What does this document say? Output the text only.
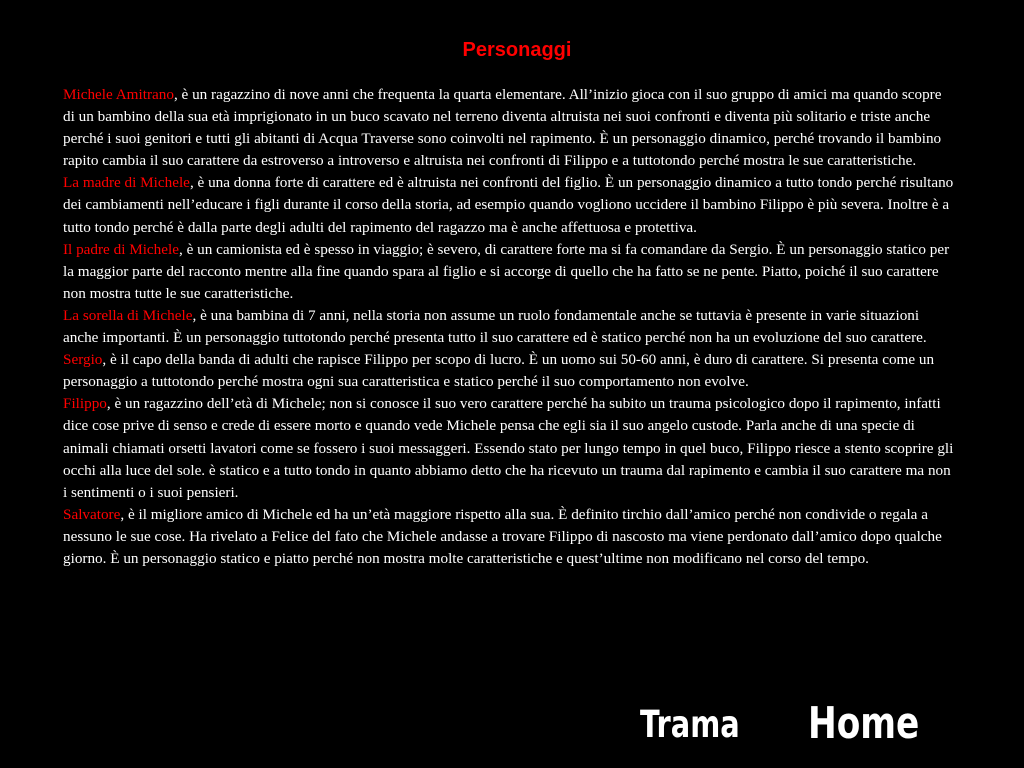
Personaggi

Michele Amitrano, è un ragazzino di nove anni che frequenta la quarta elementare. All’inizio gioca con il suo gruppo di amici ma quando scopre di un bambino della sua età imprigionato in un buco scavato nel terreno diventa altruista nei suoi confronti e diventa più solitario e triste anche perché i suoi genitori e tutti gli abitanti di Acqua Traverse sono coinvolti nel rapimento. È un personaggio dinamico, perché trovando il bambino rapito cambia il suo carattere da estroverso a introverso e altruista nei confronti di Filippo e a tuttotondo perché mostra le sue caratteristiche.

La madre di Michele, è una donna forte di carattere ed è altruista nei confronti del figlio. È un personaggio dinamico a tutto tondo perché risultano dei cambiamenti nell’educare i figli durante il corso della storia, ad esempio quando vogliono uccidere il bambino Filippo è più severa. Inoltre è a tutto tondo perché è dalla parte degli adulti del rapimento del ragazzo ma è anche affettuosa e protettiva.

Il padre di Michele, è un camionista ed è spesso in viaggio; è severo, di carattere forte ma si fa comandare da Sergio. È un personaggio statico per la maggior parte del racconto mentre alla fine quando spara al figlio e si accorge di quello che ha fatto se ne pente. Piatto, poiché il suo carattere non mostra tutte le sue caratteristiche.

La sorella di Michele, è una bambina di 7 anni, nella storia non assume un ruolo fondamentale anche se tuttavia è presente in varie situazioni anche importanti. È un personaggio tuttotondo perché presenta tutto il suo carattere ed è statico perché non ha un evoluzione del suo carattere.

Sergio, è il capo della banda di adulti che rapisce Filippo per scopo di lucro. È un uomo sui 50-60 anni, è duro di carattere. Si presenta come un personaggio a tuttotondo perché mostra ogni sua caratteristica e statico perché il suo comportamento non evolve.

Filippo, è un ragazzino dell’età di Michele; non si conosce il suo vero carattere perché ha subito un trauma psicologico dopo il rapimento, infatti dice cose prive di senso e crede di essere morto e quando vede Michele pensa che egli sia il suo angelo custode. Parla anche di una specie di animali chiamati orsetti lavatori come se fossero i suoi messaggeri. Essendo stato per lungo tempo in quel buco, Filippo riesce a stento scoprire gli occhi alla luce del sole. è statico e a tutto tondo in quanto abbiamo detto che ha ricevuto un trauma dal rapimento e cambia il suo carattere ma non i sentimenti o i suoi pensieri.

Salvatore, è il migliore amico di Michele ed ha un’età maggiore rispetto alla sua. È definito tirchio dall’amico perché non condivide o regala a nessuno le sue cose. Ha rivelato a Felice del fato che Michele andasse a trovare Filippo di nascosto ma viene perdonato dall’amico dopo qualche giorno. È un personaggio statico e piatto perché non mostra molte caratteristiche e quest’ultime non modificano nel corso del tempo.

Trama Home
